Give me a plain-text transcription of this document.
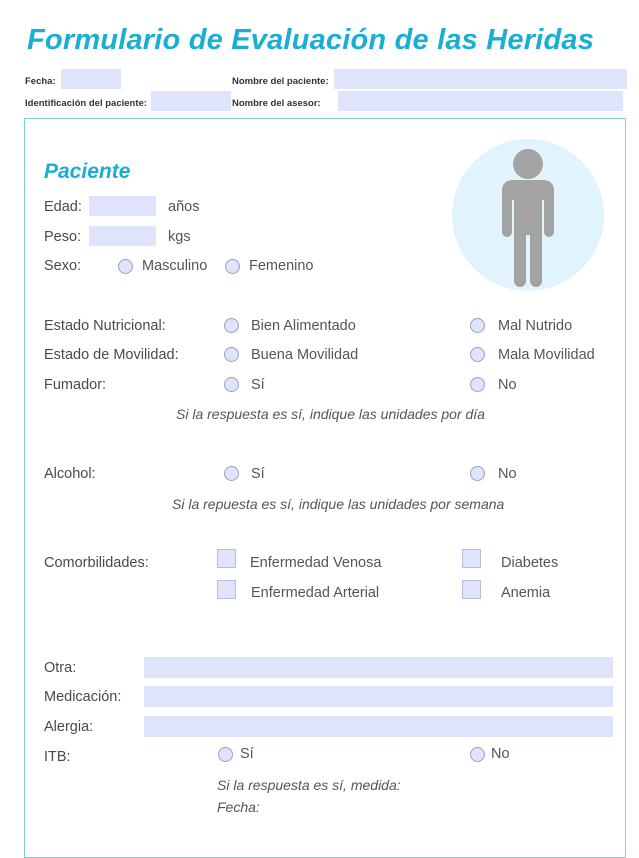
Formulario de Evaluación de las Heridas
Fecha:	Nombre del paciente:
Identificación del paciente:	Nombre del asesor:
Paciente
Edad:	años
Peso:	kgs
Sexo:	Masculino	Femenino
Estado Nutricional:	Bien Alimentado	Mal Nutrido
Estado de Movilidad:	Buena Movilidad	Mala Movilidad
Fumador:	Sí	No
Si la respuesta es sí, indique las unidades por día
Alcohol:	Sí	No
Si la repuesta es sí, indique las unidades por semana
Comorbilidades:	Enfermedad Venosa	Diabetes
Enfermedad Arterial	Anemia
Otra:
Medicación:
Alergia:
ITB:	Sí	No
Si la respuesta es sí, medida:
Fecha:
